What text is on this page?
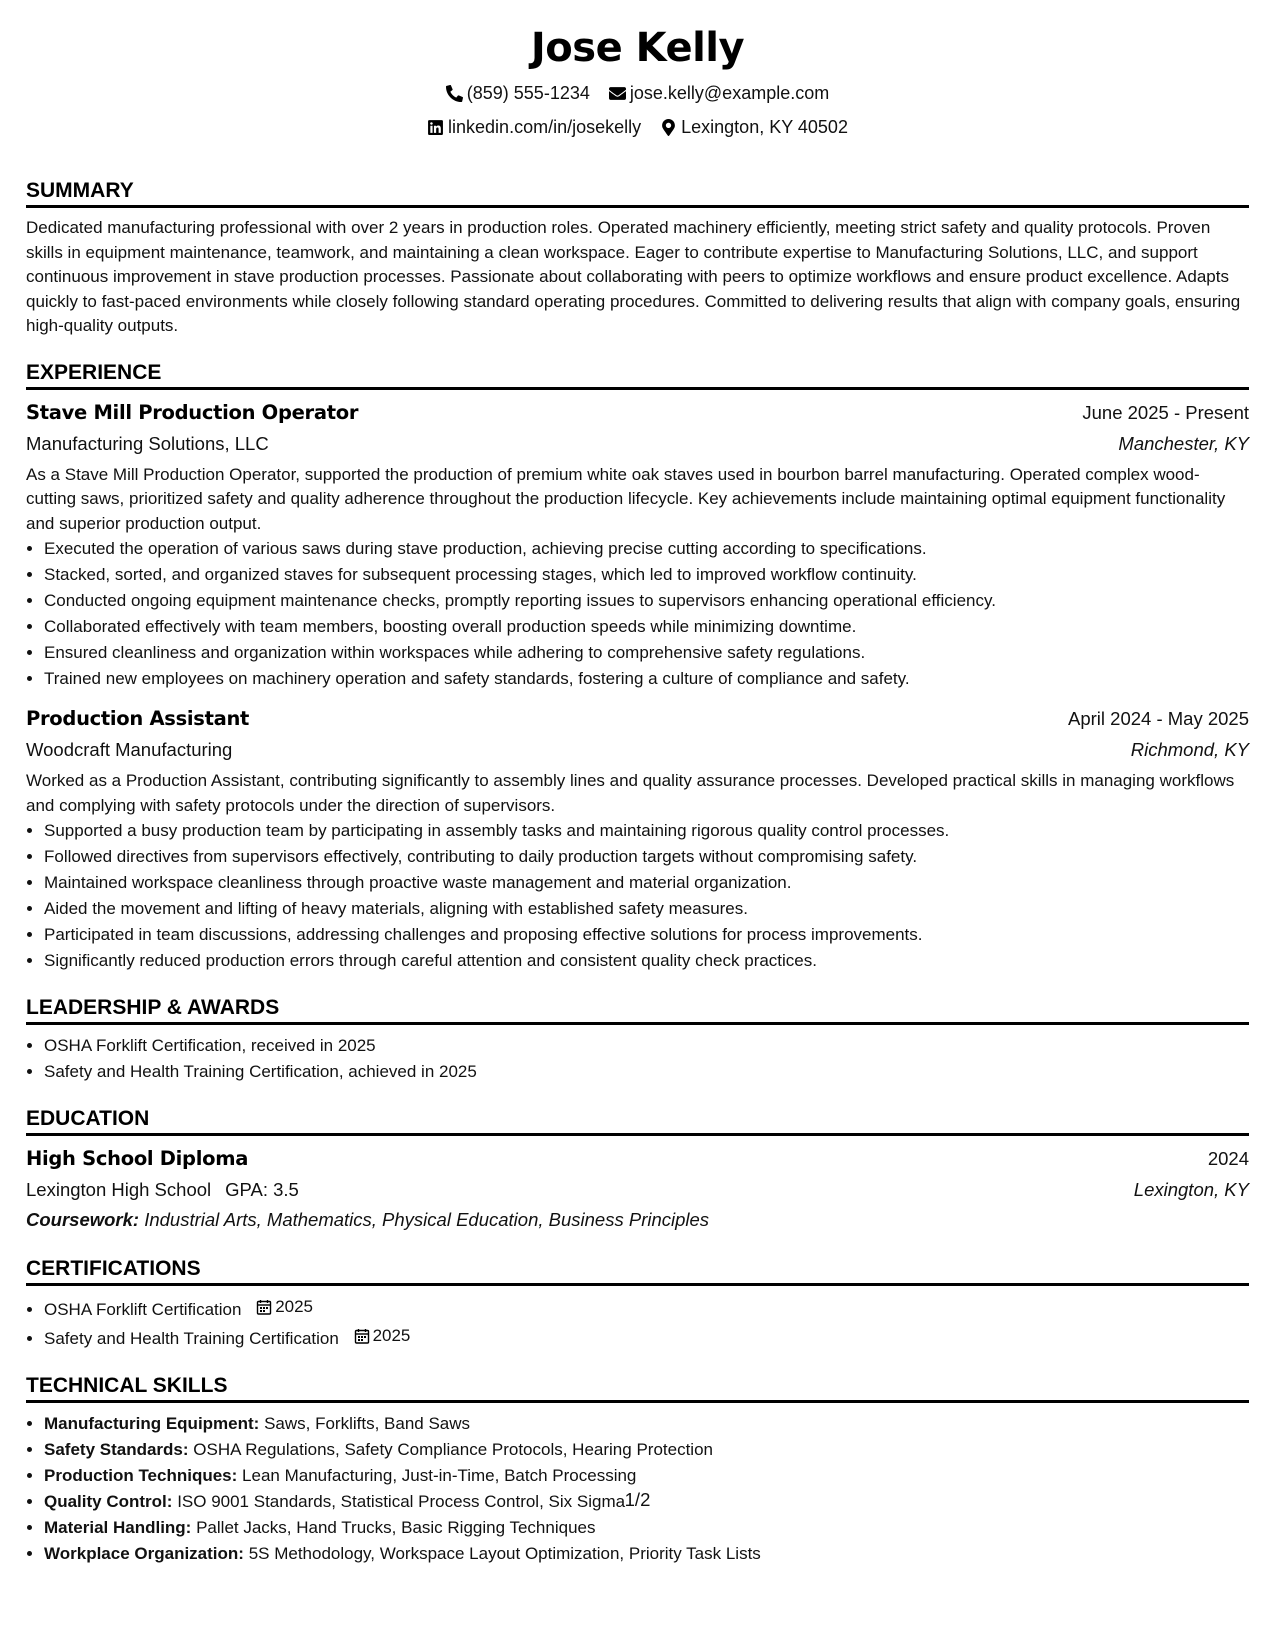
Jose Kelly
(859) 555-1234
jose.kelly@example.com
linkedin.com/in/josekelly
Lexington, KY 40502
SUMMARY

Dedicated manufacturing professional with over 2 years in production roles. Operated machinery efficiently, meeting strict safety and quality protocols. Proven skills in equipment maintenance, teamwork, and maintaining a clean workspace. Eager to contribute expertise to Manufacturing Solutions, LLC, and support continuous improvement in stave production processes. Passionate about collaborating with peers to optimize workflows and ensure product excellence. Adapts quickly to fast-paced environments while closely following standard operating procedures. Committed to delivering results that align with company goals, ensuring high-quality outputs.

EXPERIENCE
Stave Mill Production Operator	June 2025 - Present
Manufacturing Solutions, LLC	Manchester, KY

As a Stave Mill Production Operator, supported the production of premium white oak staves used in bourbon barrel manufacturing. Operated complex wood-cutting saws, prioritized safety and quality adherence throughout the production lifecycle. Key achievements include maintaining optimal equipment functionality and superior production output.

• Executed the operation of various saws during stave production, achieving precise cutting according to specifications.
• Stacked, sorted, and organized staves for subsequent processing stages, which led to improved workflow continuity.
• Conducted ongoing equipment maintenance checks, promptly reporting issues to supervisors enhancing operational efficiency.
• Collaborated effectively with team members, boosting overall production speeds while minimizing downtime.
• Ensured cleanliness and organization within workspaces while adhering to comprehensive safety regulations.
• Trained new employees on machinery operation and safety standards, fostering a culture of compliance and safety.
Production Assistant	April 2024 - May 2025
Woodcraft Manufacturing	Richmond, KY

Worked as a Production Assistant, contributing significantly to assembly lines and quality assurance processes. Developed practical skills in managing workflows and complying with safety protocols under the direction of supervisors.

• Supported a busy production team by participating in assembly tasks and maintaining rigorous quality control processes.
• Followed directives from supervisors effectively, contributing to daily production targets without compromising safety.
• Maintained workspace cleanliness through proactive waste management and material organization.
• Aided the movement and lifting of heavy materials, aligning with established safety measures.
• Participated in team discussions, addressing challenges and proposing effective solutions for process improvements.
• Significantly reduced production errors through careful attention and consistent quality check practices.
LEADERSHIP & AWARDS
• OSHA Forklift Certification, received in 2025
• Safety and Health Training Certification, achieved in 2025
EDUCATION
High School Diploma	2024
Lexington High School GPA: 3.5	Lexington, KY
Coursework: Industrial Arts, Mathematics, Physical Education, Business Principles
CERTIFICATIONS
• OSHA Forklift Certification 2025
• Safety and Health Training Certification 2025
TECHNICAL SKILLS
• Manufacturing Equipment: Saws, Forklifts, Band Saws
• Safety Standards: OSHA Regulations, Safety Compliance Protocols, Hearing Protection
• Production Techniques: Lean Manufacturing, Just-in-Time, Batch Processing
• Quality Control: ISO 9001 Standards, Statistical Process Control, Six Sigma
• Material Handling: Pallet Jacks, Hand Trucks, Basic Rigging Techniques
• Workplace Organization: 5S Methodology, Workspace Layout Optimization, Priority Task Lists
1/2
